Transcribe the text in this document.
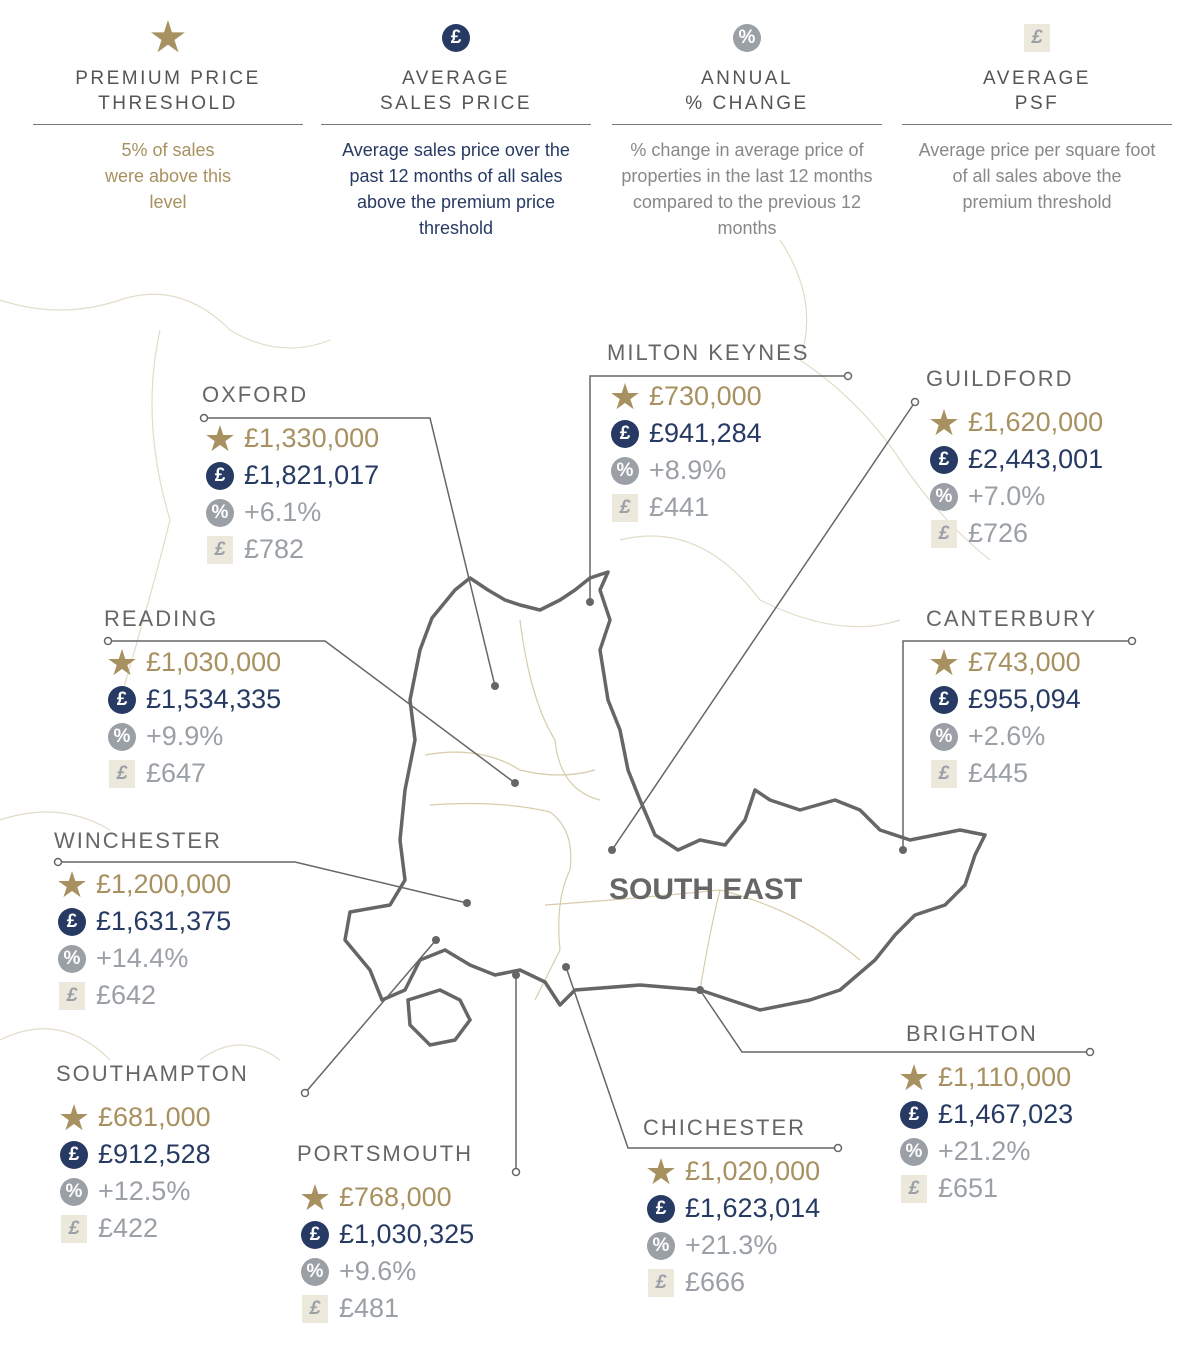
★
PREMIUM PRICE
THRESHOLD
5% of sales were above this level
£
AVERAGE
SALES PRICE
Average sales price over the past 12 months of all sales above the premium price threshold
%
ANNUAL
% CHANGE
% change in average price of properties in the last 12 months compared to the previous 12 months
£
AVERAGE
PSF
Average price per square foot of all sales above the premium threshold
SOUTH EAST
OXFORD
★ £1,330,000
£ £1,821,017
% +6.1%
£ £782
MILTON KEYNES
★ £730,000
£ £941,284
% +8.9%
£ £441
GUILDFORD
★ £1,620,000
£ £2,443,001
% +7.0%
£ £726
READING
★ £1,030,000
£ £1,534,335
% +9.9%
£ £647
CANTERBURY
★ £743,000
£ £955,094
% +2.6%
£ £445
WINCHESTER
★ £1,200,000
£ £1,631,375
% +14.4%
£ £642
SOUTHAMPTON
★ £681,000
£ £912,528
% +12.5%
£ £422
PORTSMOUTH
★ £768,000
£ £1,030,325
% +9.6%
£ £481
CHICHESTER
★ £1,020,000
£ £1,623,014
% +21.3%
£ £666
BRIGHTON
★ £1,110,000
£ £1,467,023
% +21.2%
£ £651
